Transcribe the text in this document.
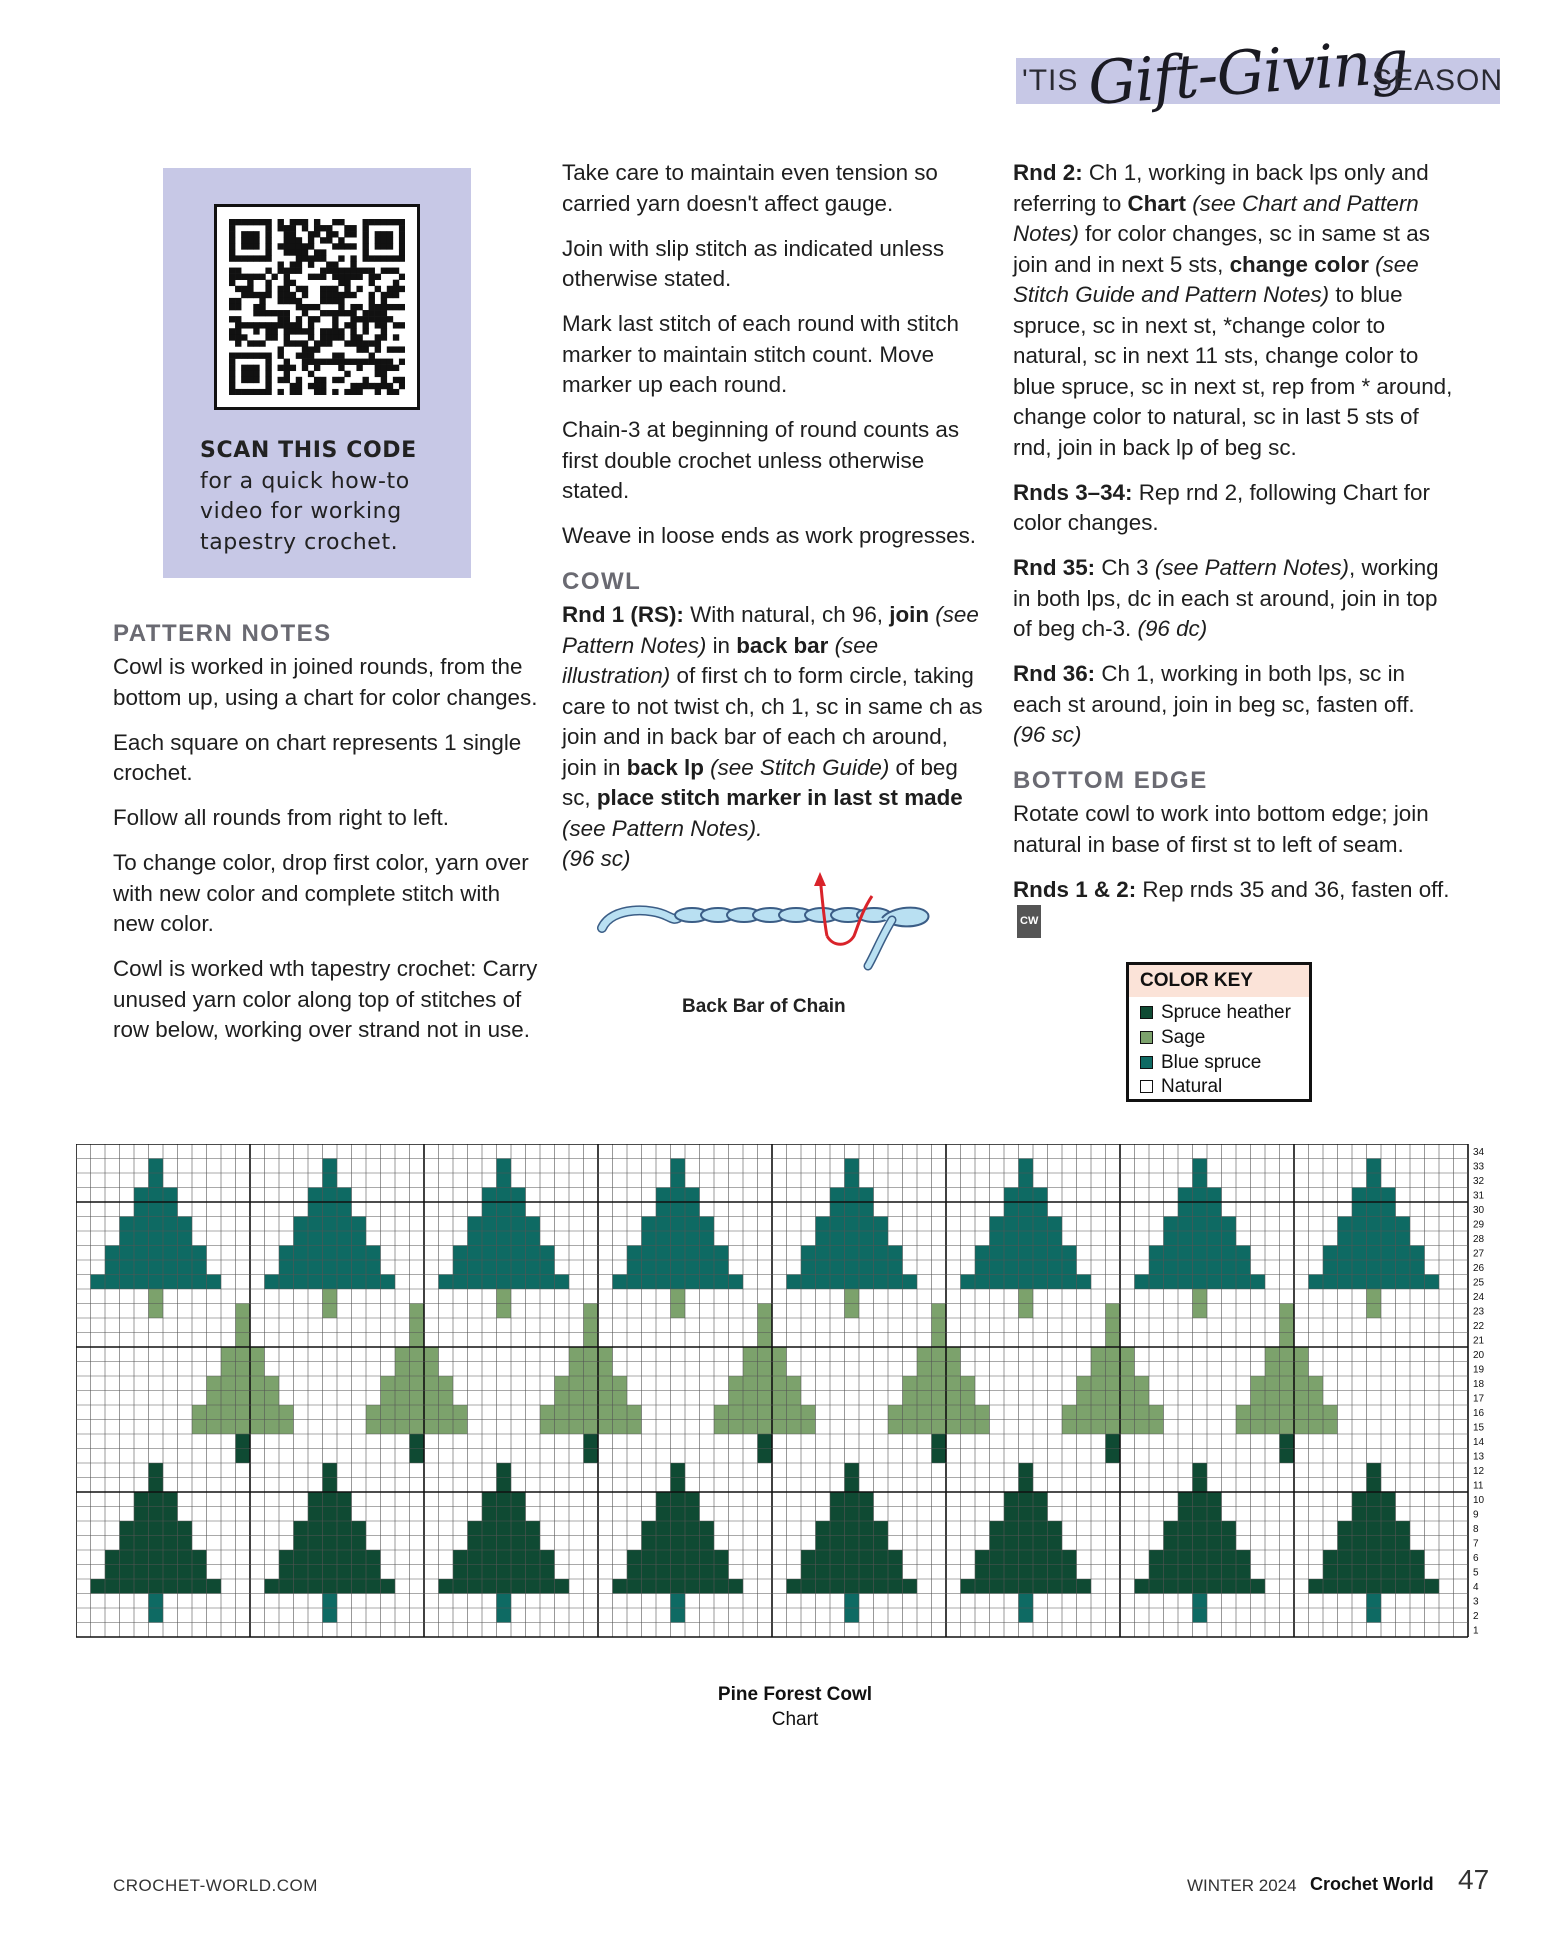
'TIS Gift-Giving
SEASON
SCAN THIS CODE for a quick how-to video for working tapestry crochet.

PATTERN NOTES

Cowl is worked in joined rounds, from the bottom up, using a chart for color changes.

Each square on chart represents 1 single crochet.

Follow all rounds from right to left.

To change color, drop first color, yarn over with new color and complete stitch with new color.

Cowl is worked wth tapestry crochet: Carry unused yarn color along top of stitches of row below, working over strand not in use.

Take care to maintain even tension so carried yarn doesn't affect gauge.

Join with slip stitch as indicated unless otherwise stated.

Mark last stitch of each round with stitch marker to maintain stitch count. Move marker up each round.

Chain-3 at beginning of round counts as first double crochet unless otherwise stated.

Weave in loose ends as work progresses.

COWL

Rnd 1 (RS): With natural, ch 96, join (see Pattern Notes) in back bar (see illustration) of first ch to form circle, taking care to not twist ch, ch 1, sc in same ch as join and in back bar of each ch around, join in back lp (see Stitch Guide) of beg sc, place stitch marker in last st made (see Pattern Notes).
(96 sc)

Back Bar of Chain

Rnd 2: Ch 1, working in back lps only and referring to Chart (see Chart and Pattern Notes) for color changes, sc in same st as join and in next 5 sts, change color (see Stitch Guide and Pattern Notes) to blue spruce, sc in next st, *change color to natural, sc in next 11 sts, change color to blue spruce, sc in next st, rep from * around, change color to natural, sc in last 5 sts of rnd, join in back lp of beg sc.

Rnds 3–34: Rep rnd 2, following Chart for color changes.

Rnd 35: Ch 3 (see Pattern Notes), working in both lps, dc in each st around, join in top of beg ch-3. (96 dc)

Rnd 36: Ch 1, working in both lps, sc in each st around, join in beg sc, fasten off. (96 sc)

BOTTOM EDGE

Rotate cowl to work into bottom edge; join natural in base of first st to left of seam.

Rnds 1 & 2: Rep rnds 35 and 36, fasten off.CW

COLOR KEY
Spruce heather
Sage
Blue spruce
Natural
34
33
32
31
30
29
28
27
26
25
24
23
22
21
20
19
18
17
16
15
14
13
12
11
10
9
8
7
6
5
4
3
2
1
Pine Forest Cowl
Chart
CROCHET-WORLD.COM	WINTER 2024 Crochet World 47
